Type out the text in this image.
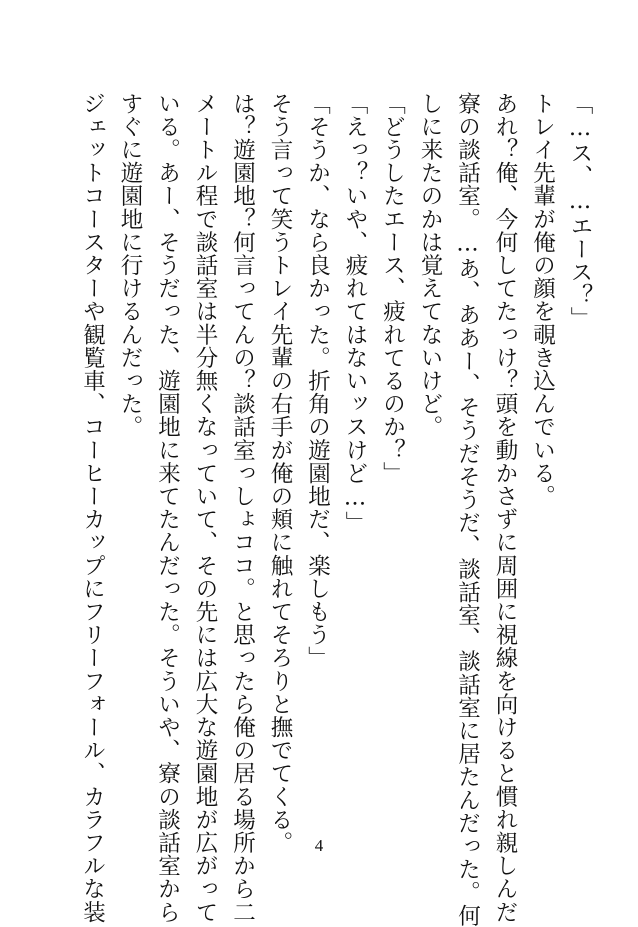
「…ス、…エース？」
トレイ先輩が俺の顔を覗き込んでいる。
あれ？俺、今何してたっけ？頭を動かさずに周囲に視線を向けると慣れ親しんだ
寮の談話室。…あ、ああー、そうだそうだ、談話室、談話室に居たんだった。何
しに来たのかは覚えてないけど。
「どうしたエース、疲れてるのか？」
「えっ？いや、疲れてはないッスけど…」
「そうか、なら良かった。折角の遊園地だ、楽しもう」
そう言って笑うトレイ先輩の右手が俺の頬に触れてそろりと撫でてくる。
は？遊園地？何言ってんの？談話室っしょココ。と思ったら俺の居る場所から二
メートル程で談話室は半分無くなっていて、その先には広大な遊園地が広がって
いる。あー、そうだった、遊園地に来てたんだった。そういや、寮の談話室から
すぐに遊園地に行けるんだった。
ジェットコースターや観覧車、コーヒーカップにフリーフォール、カラフルな装	4
